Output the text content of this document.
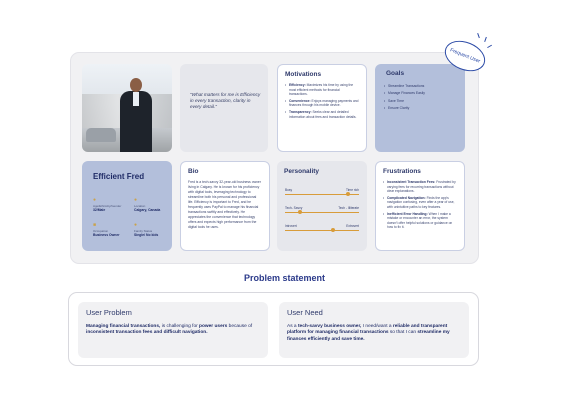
"What matters for me is Efficiency in every transaction, clarity in every detail."

Motivations
• Efficiency: Maximizes his time by using the most efficient methods for financial transactions.
• Convenience: Enjoys managing payments and finances through his mobile device.
• Transparency: Seeks clear and detailed information about fees and transaction details.
Goals
• Streamline Transactions
• Manage Finances Easily
• Save Time
• Ensure Clarity
Frequent User
Efficient Fred
●
Age/Ethnicity/Gender
32/Male
●
Location
Calgary, Canada
■
Occupation
Business Owner
●
Family Status
Single/ No kids
Bio

Fred is a tech-savvy 32-year-old business owner living in Calgary. He is known for his proficiency with digital tools, leveraging technology to streamline both his personal and professional life. Efficiency is important to Fred, and he frequently uses PayPal to manage his financial transactions swiftly and effectively. He appreciates the convenience that technology offers and expects high performance from the digital tools he uses.

Personality
Busy	Time rich
Tech- Savvy	Tech - Illiterate
Introvert	Extrovert
Frustrations
• Inconsistent Transaction Fees: Frustrated by varying fees for recurring transactions without clear explanations.
• Complicated Navigation: Finds the app's navigation confusing, even after a year of use, with unintuitive paths to key features.
• Inefficient Error Handling: When I make a mistake or encounter an error, the system doesn't offer helpful solutions or guidance on how to fix it.
Problem statement
User Problem
Managing financial transactions, is challenging for power users because of inconsistent transaction fees and difficult navigation.
User Need
As a tech-savvy business owner, I need/want a reliable and transparent platform for managing financial transactions so that I can streamline my finances efficiently and save time.
